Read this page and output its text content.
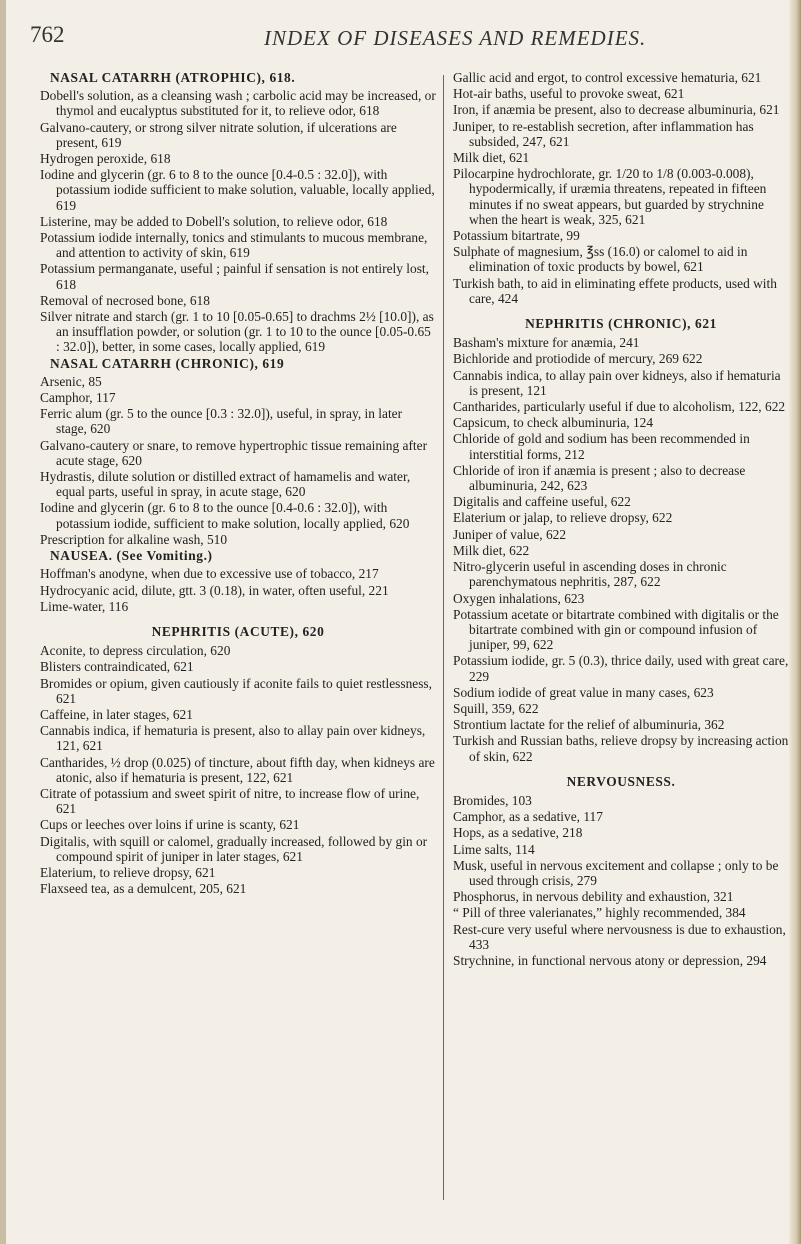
762	INDEX OF DISEASES AND REMEDIES.
NASAL CATARRH (ATROPHIC), 618.
Dobell's solution, as a cleansing wash ; carbolic acid may be increased, or thymol and eucalyptus substituted for it, to relieve odor, 618
Galvano-cautery, or strong silver nitrate solution, if ulcerations are present, 619
Hydrogen peroxide, 618
Iodine and glycerin (gr. 6 to 8 to the ounce [0.4-0.5 : 32.0]), with potassium iodide sufficient to make solution, valuable, locally applied, 619
Listerine, may be added to Dobell's solution, to relieve odor, 618
Potassium iodide internally, tonics and stimulants to mucous membrane, and attention to activity of skin, 619
Potassium permanganate, useful ; painful if sensation is not entirely lost, 618
Removal of necrosed bone, 618
Silver nitrate and starch (gr. 1 to 10 [0.05-0.65] to drachms 2½ [10.0]), as an insufflation powder, or solution (gr. 1 to 10 to the ounce [0.05-0.65 : 32.0]), better, in some cases, locally applied, 619
NASAL CATARRH (CHRONIC), 619
Arsenic, 85
Camphor, 117
Ferric alum (gr. 5 to the ounce [0.3 : 32.0]), useful, in spray, in later stage, 620
Galvano-cautery or snare, to remove hypertrophic tissue remaining after acute stage, 620
Hydrastis, dilute solution or distilled extract of hamamelis and water, equal parts, useful in spray, in acute stage, 620
Iodine and glycerin (gr. 6 to 8 to the ounce [0.4-0.6 : 32.0]), with potassium iodide, sufficient to make solution, locally applied, 620
Prescription for alkaline wash, 510
NAUSEA. (See Vomiting.)
Hoffman's anodyne, when due to excessive use of tobacco, 217
Hydrocyanic acid, dilute, gtt. 3 (0.18), in water, often useful, 221
Lime-water, 116
NEPHRITIS (ACUTE), 620
Aconite, to depress circulation, 620
Blisters contraindicated, 621
Bromides or opium, given cautiously if aconite fails to quiet restlessness, 621
Caffeine, in later stages, 621
Cannabis indica, if hematuria is present, also to allay pain over kidneys, 121, 621
Cantharides, ½ drop (0.025) of tincture, about fifth day, when kidneys are atonic, also if hematuria is present, 122, 621
Citrate of potassium and sweet spirit of nitre, to increase flow of urine, 621
Cups or leeches over loins if urine is scanty, 621
Digitalis, with squill or calomel, gradually increased, followed by gin or compound spirit of juniper in later stages, 621
Elaterium, to relieve dropsy, 621
Flaxseed tea, as a demulcent, 205, 621
Gallic acid and ergot, to control excessive hematuria, 621
Hot-air baths, useful to provoke sweat, 621
Iron, if anæmia be present, also to decrease albuminuria, 621
Juniper, to re-establish secretion, after inflammation has subsided, 247, 621
Milk diet, 621
Pilocarpine hydrochlorate, gr. 1/20 to 1/8 (0.003-0.008), hypodermically, if uræmia threatens, repeated in fifteen minutes if no sweat appears, but guarded by strychnine when the heart is weak, 325, 621
Potassium bitartrate, 99
Sulphate of magnesium, ℥ss (16.0) or calomel to aid in elimination of toxic products by bowel, 621
Turkish bath, to aid in eliminating effete products, used with care, 424
NEPHRITIS (CHRONIC), 621
Basham's mixture for anæmia, 241
Bichloride and protiodide of mercury, 269 622
Cannabis indica, to allay pain over kidneys, also if hematuria is present, 121
Cantharides, particularly useful if due to alcoholism, 122, 622
Capsicum, to check albuminuria, 124
Chloride of gold and sodium has been recommended in interstitial forms, 212
Chloride of iron if anæmia is present ; also to decrease albuminuria, 242, 623
Digitalis and caffeine useful, 622
Elaterium or jalap, to relieve dropsy, 622
Juniper of value, 622
Milk diet, 622
Nitro-glycerin useful in ascending doses in chronic parenchymatous nephritis, 287, 622
Oxygen inhalations, 623
Potassium acetate or bitartrate combined with digitalis or the bitartrate combined with gin or compound infusion of juniper, 99, 622
Potassium iodide, gr. 5 (0.3), thrice daily, used with great care, 229
Sodium iodide of great value in many cases, 623
Squill, 359, 622
Strontium lactate for the relief of albuminuria, 362
Turkish and Russian baths, relieve dropsy by increasing action of skin, 622
NERVOUSNESS.
Bromides, 103
Camphor, as a sedative, 117
Hops, as a sedative, 218
Lime salts, 114
Musk, useful in nervous excitement and collapse ; only to be used through crisis, 279
Phosphorus, in nervous debility and exhaustion, 321
“ Pill of three valerianates,” highly recommended, 384
Rest-cure very useful where nervousness is due to exhaustion, 433
Strychnine, in functional nervous atony or depression, 294
